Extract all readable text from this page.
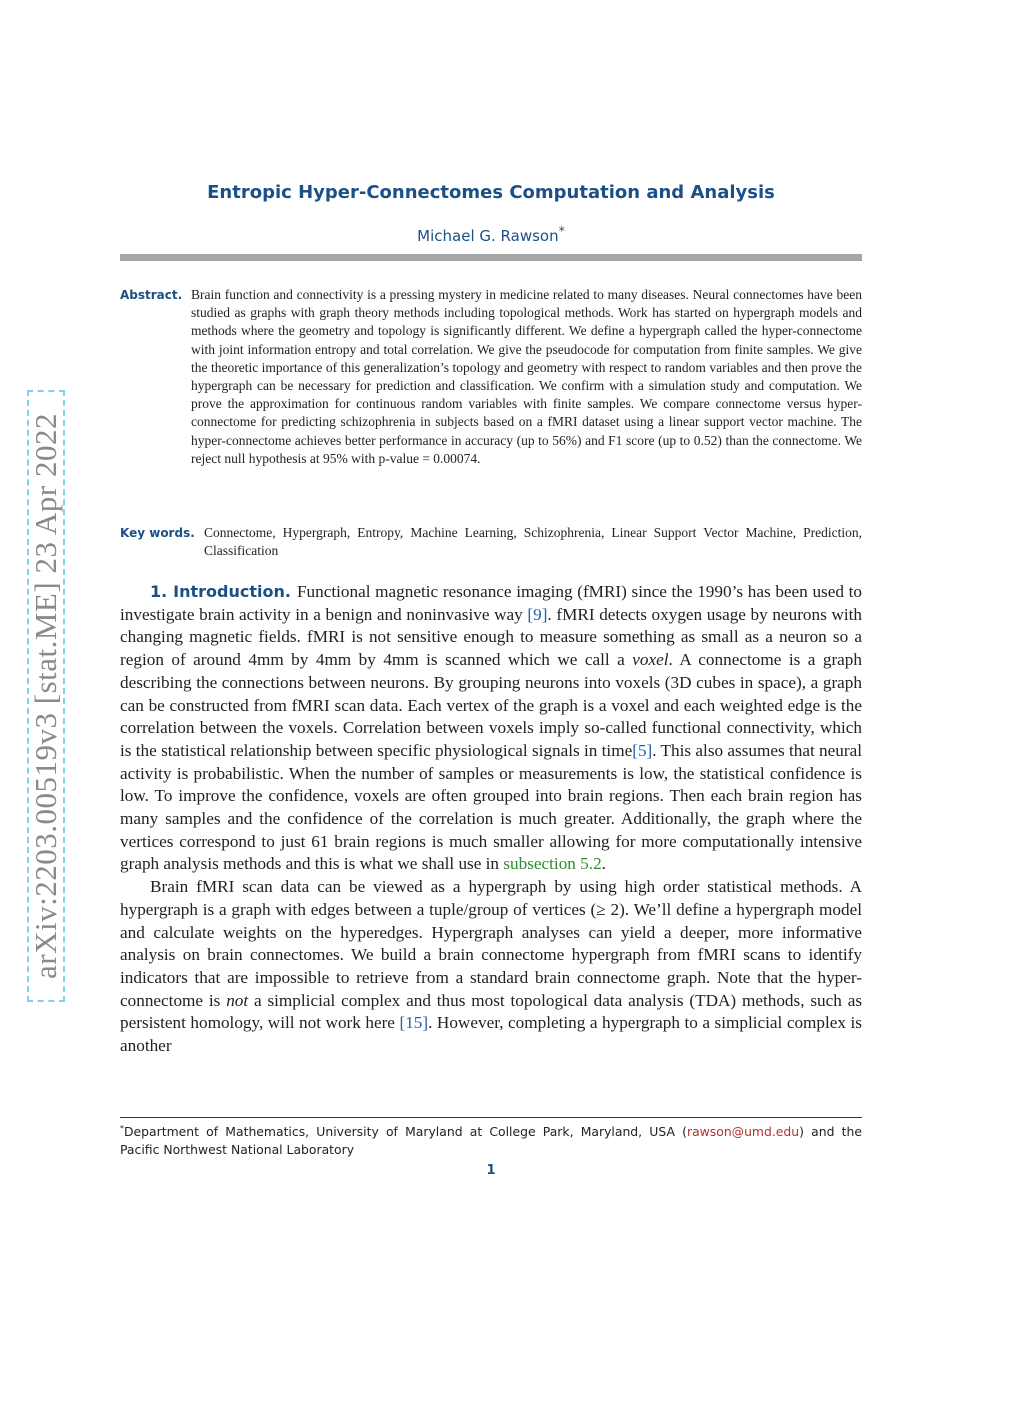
arXiv:2203.00519v3 [stat.ME] 23 Apr 2022
Entropic Hyper-Connectomes Computation and Analysis
Michael G. Rawson*
Abstract. Brain function and connectivity is a pressing mystery in medicine related to many diseases. Neural connectomes have been studied as graphs with graph theory methods including topological methods. Work has started on hypergraph models and methods where the geometry and topology is significantly different. We define a hypergraph called the hyper-connectome with joint information entropy and total correlation. We give the pseudocode for computation from finite samples. We give the theoretic importance of this generalization’s topology and geometry with respect to random variables and then prove the hypergraph can be necessary for prediction and classification. We confirm with a simulation study and computation. We prove the approximation for continuous random variables with finite samples. We compare connectome versus hyper-connectome for predicting schizophrenia in subjects based on a fMRI dataset using a linear support vector machine. The hyper-connectome achieves better performance in accuracy (up to 56%) and F1 score (up to 0.52) than the connectome. We reject null hypothesis at 95% with p-value = 0.00074.
Key words. Connectome, Hypergraph, Entropy, Machine Learning, Schizophrenia, Linear Support Vector Machine, Prediction, Classification

1. Introduction. Functional magnetic resonance imaging (fMRI) since the 1990’s has been used to investigate brain activity in a benign and noninvasive way [9]. fMRI detects oxygen usage by neurons with changing magnetic fields. fMRI is not sensitive enough to measure something as small as a neuron so a region of around 4mm by 4mm by 4mm is scanned which we call a voxel. A connectome is a graph describing the connections between neurons. By grouping neurons into voxels (3D cubes in space), a graph can be constructed from fMRI scan data. Each vertex of the graph is a voxel and each weighted edge is the correlation between the voxels. Correlation between voxels imply so-called functional connectivity, which is the statistical relationship between specific physiological signals in time[5]. This also assumes that neural activity is probabilistic. When the number of samples or measurements is low, the statistical confidence is low. To improve the confidence, voxels are often grouped into brain regions. Then each brain region has many samples and the confidence of the correlation is much greater. Additionally, the graph where the vertices correspond to just 61 brain regions is much smaller allowing for more computationally intensive graph analysis methods and this is what we shall use in subsection 5.2.

Brain fMRI scan data can be viewed as a hypergraph by using high order statistical methods. A hypergraph is a graph with edges between a tuple/group of vertices (≥ 2). We’ll define a hypergraph model and calculate weights on the hyperedges. Hypergraph analyses can yield a deeper, more informative analysis on brain connectomes. We build a brain connectome hypergraph from fMRI scans to identify indicators that are impossible to retrieve from a standard brain connectome graph. Note that the hyper-connectome is not a simplicial complex and thus most topological data analysis (TDA) methods, such as persistent homology, will not work here [15]. However, completing a hypergraph to a simplicial complex is another

*Department of Mathematics, University of Maryland at College Park, Maryland, USA (rawson@umd.edu) and the Pacific Northwest National Laboratory
1
